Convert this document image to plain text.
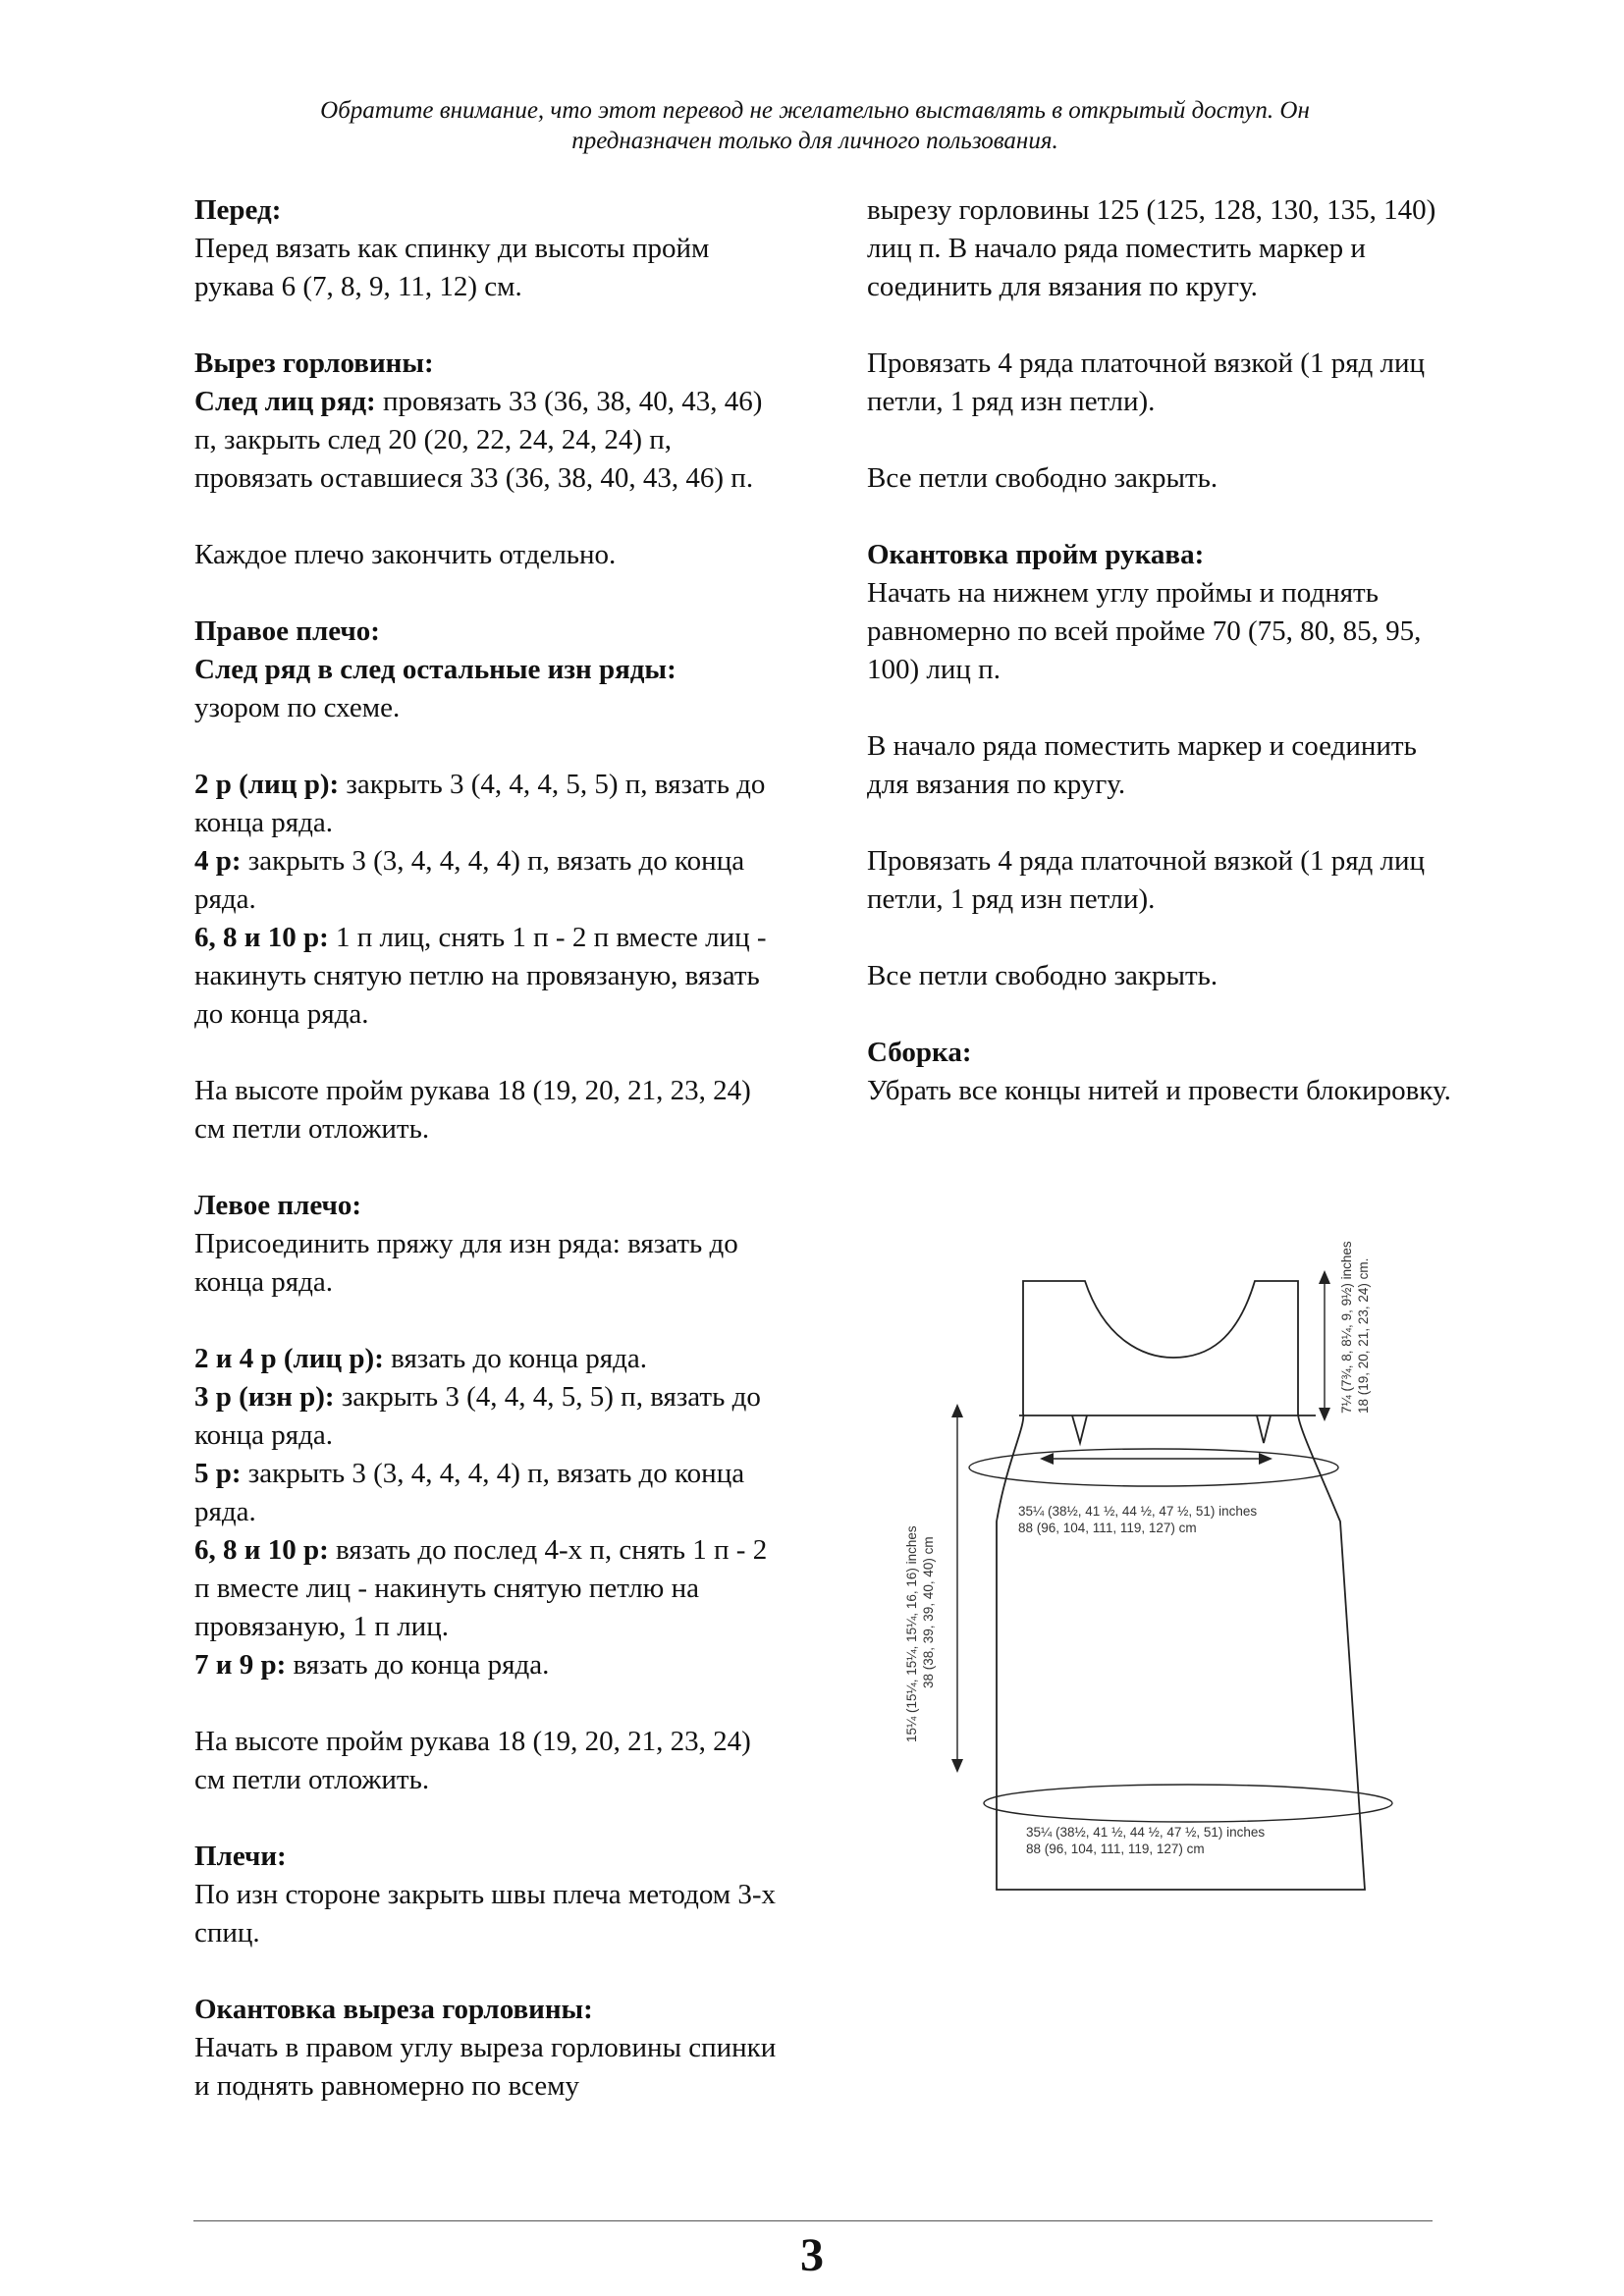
Обратите внимание, что этот перевод не желательно выставлять в открытый доступ. Он
предназначен только для личного пользования.

Перед:
Перед вязать как спинку ди высоты пройм рукава 6 (7, 8, 9, 11, 12) см.

Вырез горловины:
След лиц ряд: провязать 33 (36, 38, 40, 43, 46) п, закрыть след 20 (20, 22, 24, 24, 24) п, провязать оставшиеся 33 (36, 38, 40, 43, 46) п.

Каждое плечо закончить отдельно.

Правое плечо:
След ряд в след остальные изн ряды:
узором по схеме.

2 р (лиц р): закрыть 3 (4, 4, 4, 5, 5) п, вязать до конца ряда.
4 р: закрыть 3 (3, 4, 4, 4, 4) п, вязать до конца ряда.
6, 8 и 10 р: 1 п лиц, снять 1 п - 2 п вместе лиц - накинуть снятую петлю на провязаную, вязать до конца ряда.

На высоте пройм рукава 18 (19, 20, 21, 23, 24) см петли отложить.

Левое плечо:
Присоединить пряжу для изн ряда: вязать до конца ряда.

2 и 4 р (лиц р): вязать до конца ряда.
3 р (изн р): закрыть 3 (4, 4, 4, 5, 5) п, вязать до конца ряда.
5 р: закрыть 3 (3, 4, 4, 4, 4) п, вязать до конца ряда.
6, 8 и 10 р: вязать до послед 4-х п, снять 1 п - 2 п вместе лиц - накинуть снятую петлю на провязаную, 1 п лиц.
7 и 9 р: вязать до конца ряда.

На высоте пройм рукава 18 (19, 20, 21, 23, 24) см петли отложить.

Плечи:
По изн стороне закрыть швы плеча методом 3-х спиц.

Окантовка выреза горловины:
Начать в правом углу выреза горловины спинки и поднять равномерно по всему

вырезу горловины 125 (125, 128, 130, 135, 140) лиц п. В начало ряда поместить маркер и соединить для вязания по кругу.

Провязать 4 ряда платочной вязкой (1 ряд лиц петли, 1 ряд изн петли).

Все петли свободно закрыть.

Окантовка пройм рукава:
Начать на нижнем углу проймы и поднять равномерно по всей пройме 70 (75, 80, 85, 95, 100) лиц п.

В начало ряда поместить маркер и соединить для вязания по кругу.

Провязать 4 ряда платочной вязкой (1 ряд лиц петли, 1 ряд изн петли).

Все петли свободно закрыть.

Сборка:
Убрать все концы нитей и провести блокировку.

7¼ (7¾, 8, 8¼, 9, 9½) inches 18 (19, 20, 21, 23, 24) cm.
15¼ (15¼, 15¼, 15¼, 16, 16) inches 38 (38, 39, 39, 40, 40) cm
35¼ (38½, 41 ½, 44 ½, 47 ½, 51) inches
88 (96, 104, 111, 119, 127) cm
35¼ (38½, 41 ½, 44 ½, 47 ½, 51) inches
88 (96, 104, 111, 119, 127) cm
3
